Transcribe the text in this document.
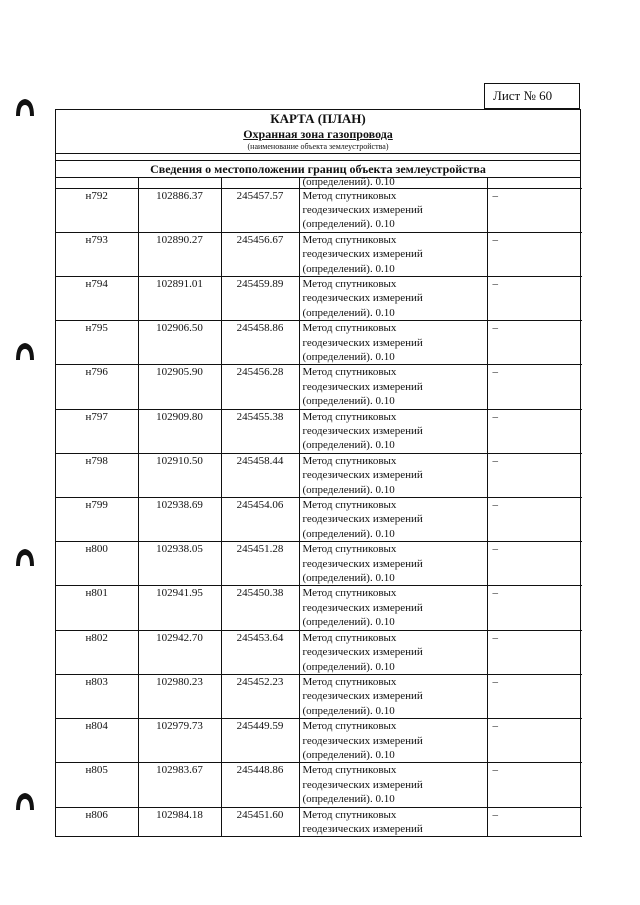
Лист № 60
КАРТА (ПЛАН)
Охранная зона газопровода
(наименование объекта землеустройства)
Сведения о местоположении границ объекта землеустройства
			(определений). 0.10	
н792	102886.37	245457.57	Метод спутниковых
геодезических измерений
(определений). 0.10	–
н793	102890.27	245456.67	Метод спутниковых
геодезических измерений
(определений). 0.10	–
н794	102891.01	245459.89	Метод спутниковых
геодезических измерений
(определений). 0.10	–
н795	102906.50	245458.86	Метод спутниковых
геодезических измерений
(определений). 0.10	–
н796	102905.90	245456.28	Метод спутниковых
геодезических измерений
(определений). 0.10	–
н797	102909.80	245455.38	Метод спутниковых
геодезических измерений
(определений). 0.10	–
н798	102910.50	245458.44	Метод спутниковых
геодезических измерений
(определений). 0.10	–
н799	102938.69	245454.06	Метод спутниковых
геодезических измерений
(определений). 0.10	–
н800	102938.05	245451.28	Метод спутниковых
геодезических измерений
(определений). 0.10	–
н801	102941.95	245450.38	Метод спутниковых
геодезических измерений
(определений). 0.10	–
н802	102942.70	245453.64	Метод спутниковых
геодезических измерений
(определений). 0.10	–
н803	102980.23	245452.23	Метод спутниковых
геодезических измерений
(определений). 0.10	–
н804	102979.73	245449.59	Метод спутниковых
геодезических измерений
(определений). 0.10	–
н805	102983.67	245448.86	Метод спутниковых
геодезических измерений
(определений). 0.10	–
н806	102984.18	245451.60	Метод спутниковых
геодезических измерений	–
